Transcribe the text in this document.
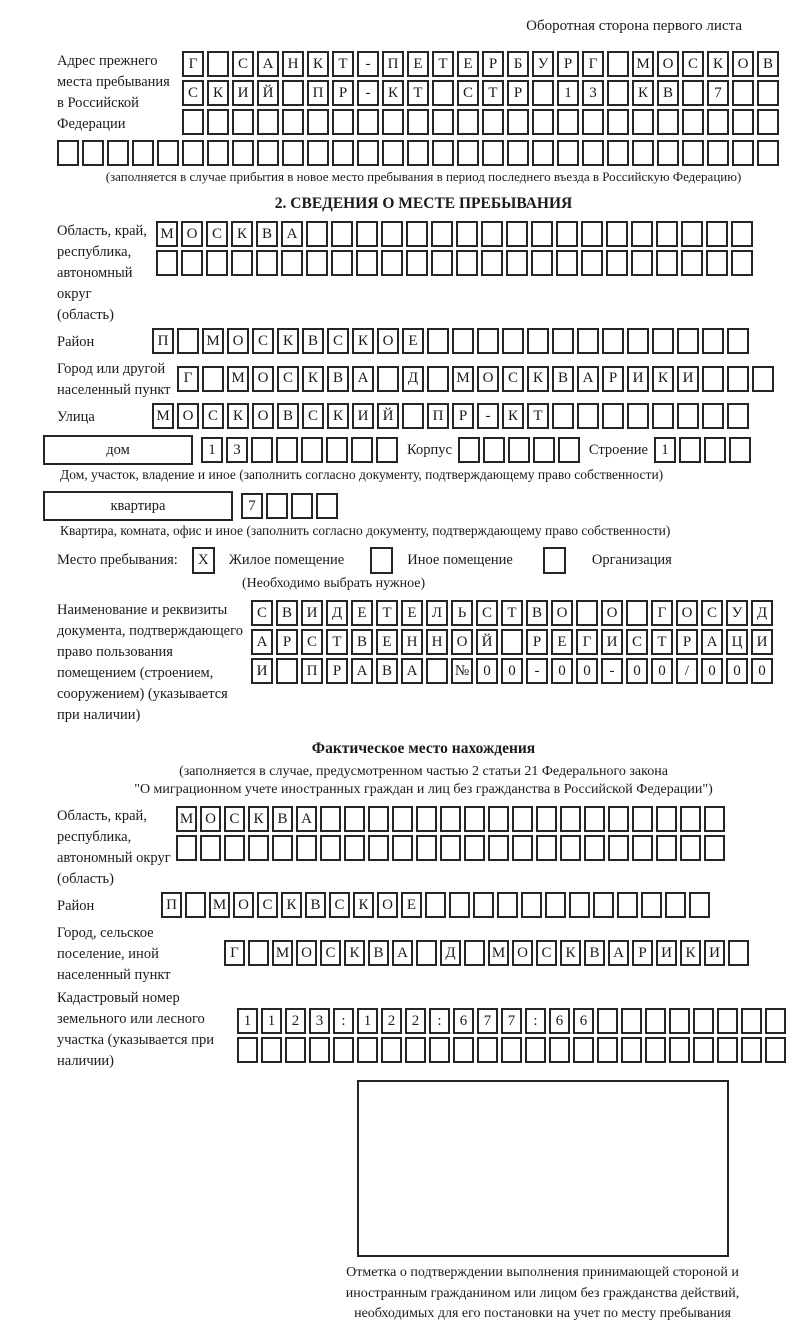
Оборотная сторона первого листа
Адрес прежнего места пребывания в Российской Федерации
Г	С А Н К	Т	-	П Е	Т	Е	Р	Б	У	Р	Г	М О С К О В
С К И Й	П	Р	-	К	Т	С	Т	Р	1	3	К В	7
(заполняется в случае прибытия в новое место пребывания в период последнего въезда в Российскую Федерацию)
2. СВЕДЕНИЯ О МЕСТЕ ПРЕБЫВАНИЯ
Область, край, республика, автономный округ (область)
М О С К В А
Район	П	М О С К В С К О Е
Город или другой населенный пункт
Г	М О С К В А	Д	М О С К В А	Р	И К И
Улица	М О С К О В С К И Й	П	Р	-	К	Т
дом	1	3	Корпус	Строение 1
Дом, участок, владение и иное (заполнить согласно документу, подтверждающему право собственности)
квартира	7
Квартира, комната, офис и иное (заполнить согласно документу, подтверждающему право собственности)
Место пребывания:	X	Жилое помещение	Иное помещение	Организация
(Необходимо выбрать нужное)
Наименование и реквизиты документа, подтверждающего право пользования помещением (строением, сооружением) (указывается при наличии)
С В И Д	Е	Т	Е	Л	Ь	С	Т	В О	О	Г	О С У Д
А	Р	С	Т	В	Е	Н Н О Й	Р	Е	Г	И С	Т	Р	А Ц И
И	П	Р	А В А	№ 0	0	-	0	0	-	0	0	/	0	0	0
Фактическое место нахождения
(заполняется в случае, предусмотренном частью 2 статьи 21 Федерального закона
"О миграционном учете иностранных граждан и лиц без гражданства в Российской Федерации")
Область, край, республика, автономный округ (область)
М О С К В А
Район	П	М О С К В С К О Е
Город, сельское поселение, иной населенный пункт
Г	М О С К В А	Д	М О С К В А Р И К И
Кадастровый номер земельного или лесного участка (указывается при наличии)
1	1	2	3	:	1	2	2	:	6	7	7	:	6	6
Отметка о подтверждении выполнения принимающей стороной и иностранным гражданином или лицом без гражданства действий, необходимых для его постановки на учет по месту пребывания
